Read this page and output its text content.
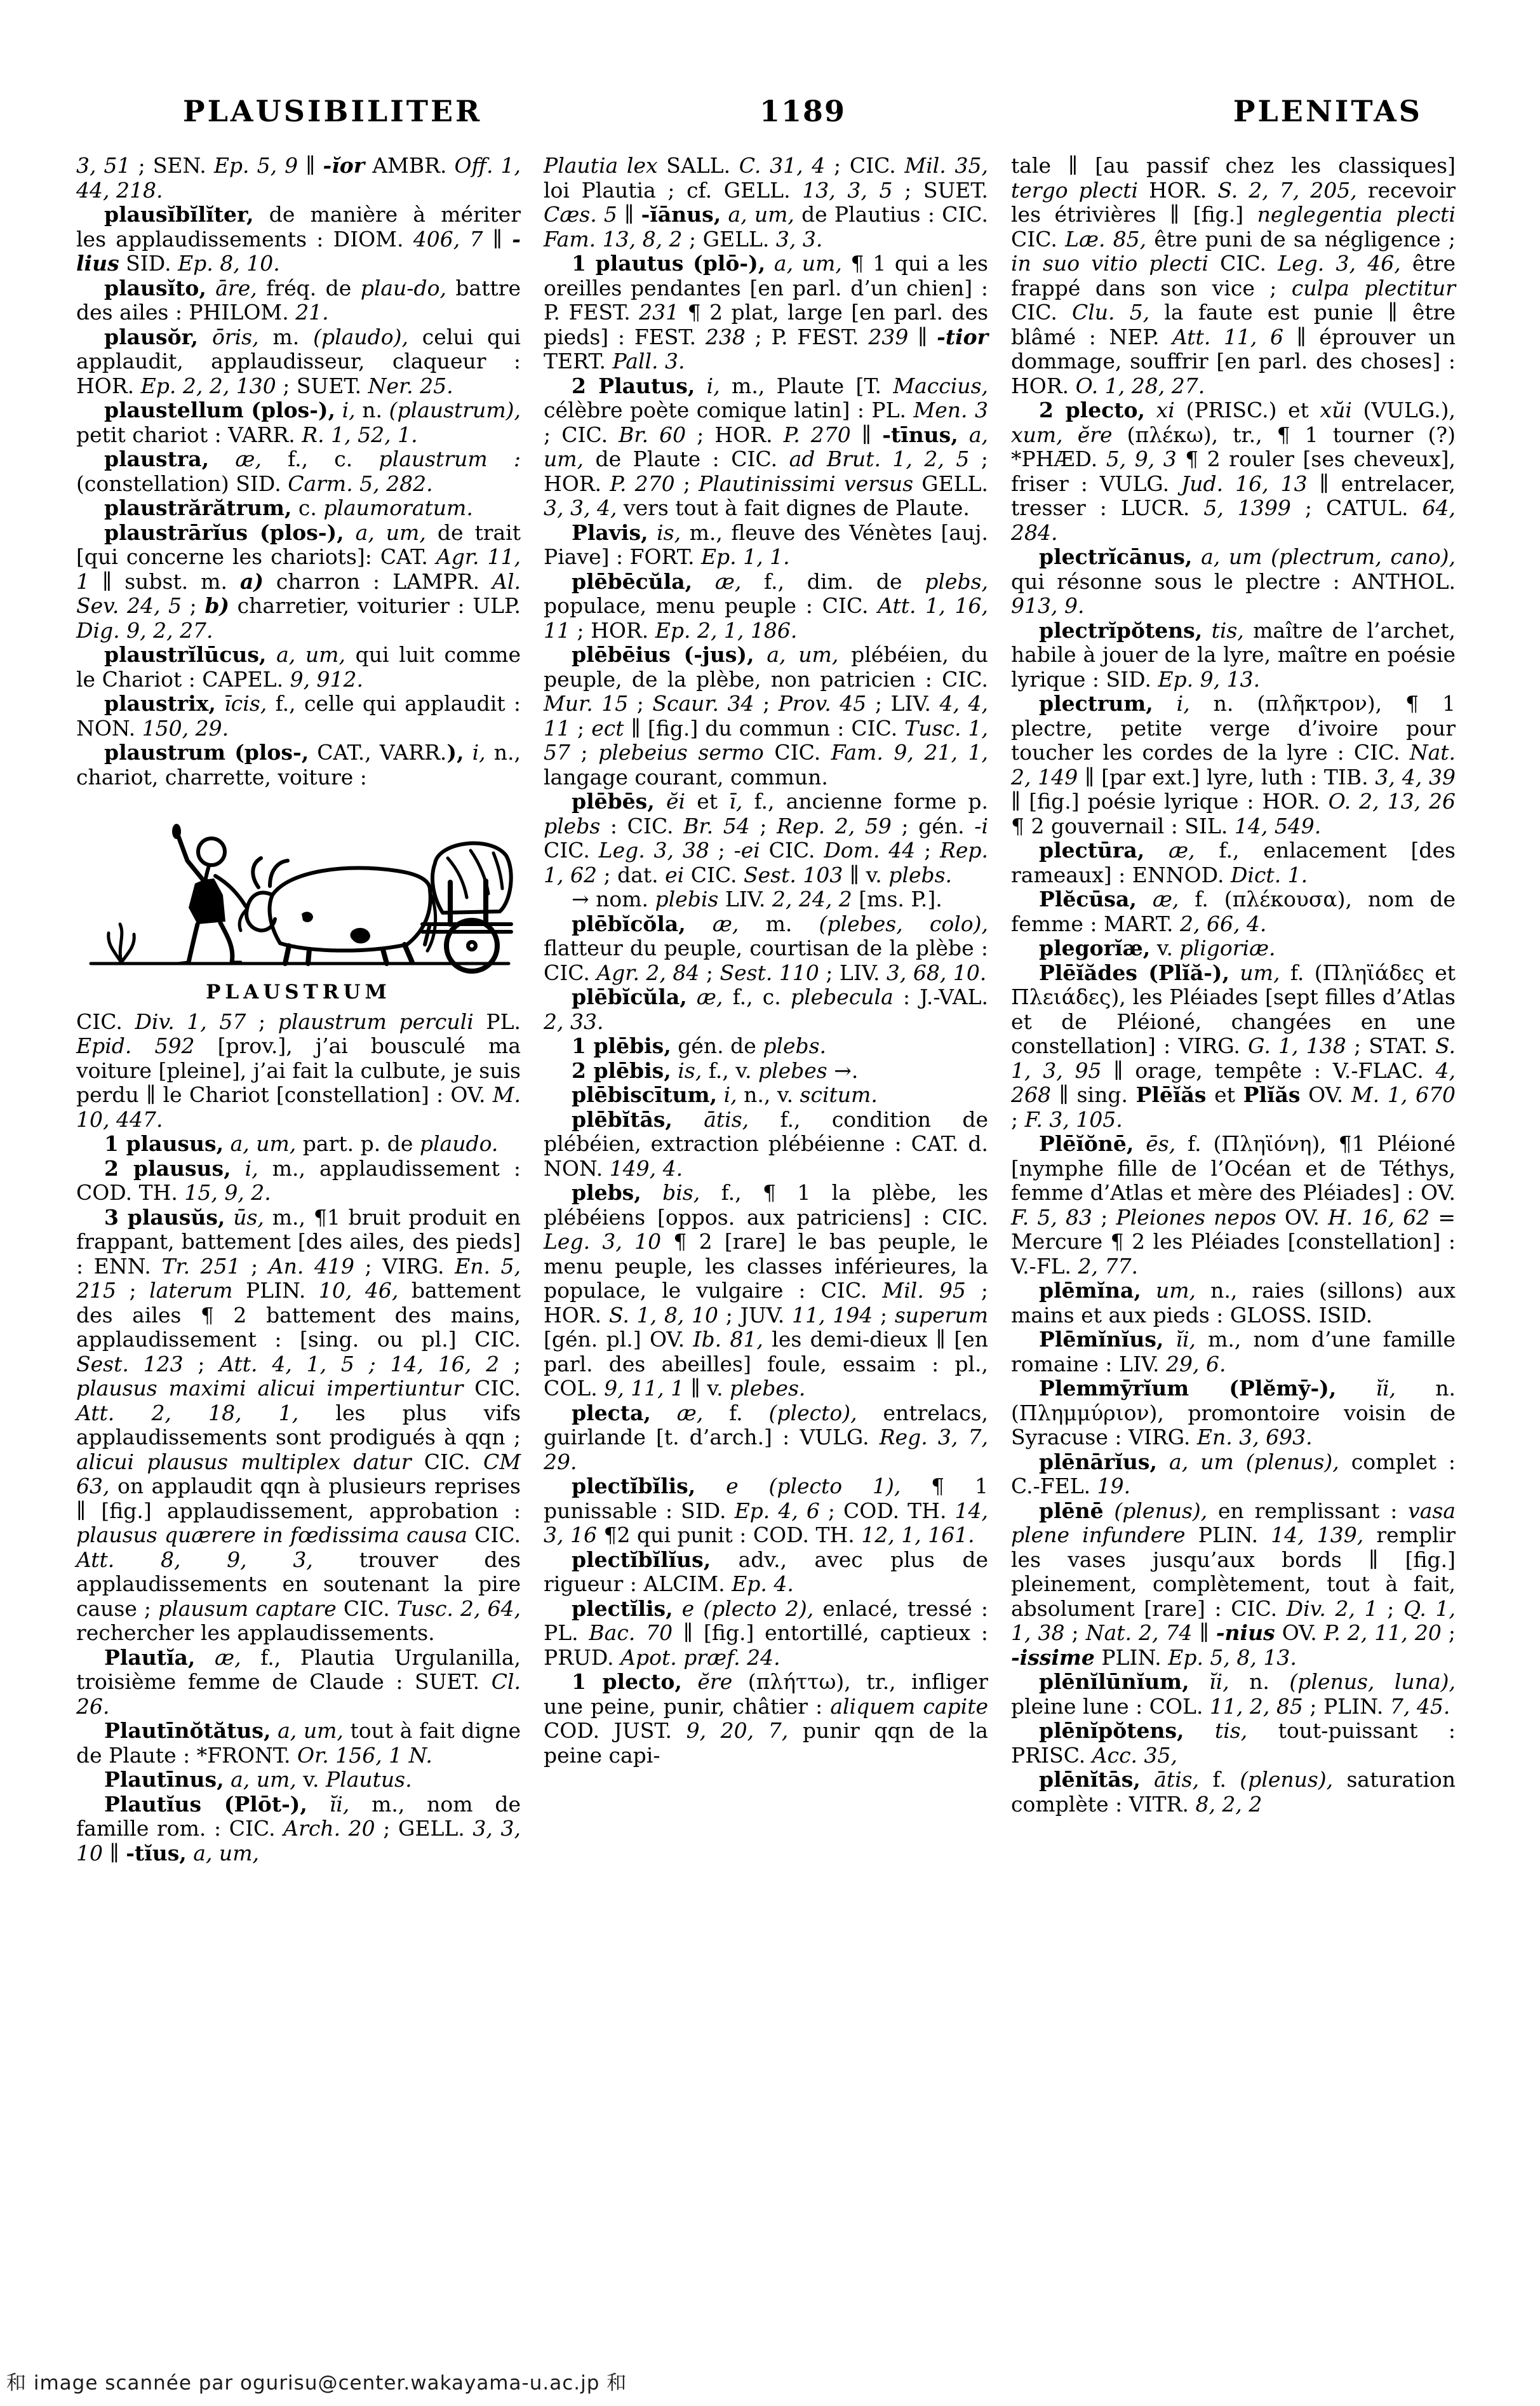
PLAUSIBILITER	1189	PLENITAS

3, 51 ; SEN. Ep. 5, 9 ∥ -ĭor AMBR. Off. 1, 44, 218.

plausĭbĭlĭter, de manière à mériter les applaudissements : DIOM. 406, 7 ∥ -lius SID. Ep. 8, 10.

plausĭto, āre, fréq. de plau-do, battre des ailes : PHILOM. 21.

plausŏr, ōris, m. (plaudo), celui qui applaudit, applaudisseur, claqueur : HOR. Ep. 2, 2, 130 ; SUET. Ner. 25.

plaustellum (plos-), i, n. (plaustrum), petit chariot : VARR. R. 1, 52, 1.

plaustra, æ, f., c. plaustrum : (constellation) SID. Carm. 5, 282.

plaustrărătrum, c. plaumoratum.

plaustrārĭus (plos-), a, um, de trait [qui concerne les chariots]: CAT. Agr. 11, 1 ∥ subst. m. a) charron : LAMPR. Al. Sev. 24, 5 ; b) charretier, voiturier : ULP. Dig. 9, 2, 27.

plaustrĭlūcus, a, um, qui luit comme le Chariot : CAPEL. 9, 912.

plaustrix, īcis, f., celle qui applaudit : NON. 150, 29.

plaustrum (plos-, CAT., VARR.), i, n., chariot, charrette, voiture :

PLAUSTRUM

CIC. Div. 1, 57 ; plaustrum perculi PL. Epid. 592 [prov.], j’ai bousculé ma voiture [pleine], j’ai fait la culbute, je suis perdu ∥ le Chariot [constellation] : OV. M. 10, 447.

1 plausus, a, um, part. p. de plaudo.

2 plausus, i, m., applaudissement : COD. TH. 15, 9, 2.

3 plausŭs, ūs, m., ¶1 bruit produit en frappant, battement [des ailes, des pieds] : ENN. Tr. 251 ; An. 419 ; VIRG. En. 5, 215 ; laterum PLIN. 10, 46, battement des ailes ¶ 2 battement des mains, applaudissement : [sing. ou pl.] CIC. Sest. 123 ; Att. 4, 1, 5 ; 14, 16, 2 ; plausus maximi alicui impertiuntur CIC. Att. 2, 18, 1, les plus vifs applaudissements sont prodigués à qqn ; alicui plausus multiplex datur CIC. CM 63, on applaudit qqn à plusieurs reprises ∥ [fig.] applaudissement, approbation : plausus quærere in fœdissima causa CIC. Att. 8, 9, 3, trouver des applaudissements en soutenant la pire cause ; plausum captare CIC. Tusc. 2, 64, rechercher les applaudissements.

Plautĭa, æ, f., Plautia Urgulanilla, troisième femme de Claude : SUET. Cl. 26.

Plautīnŏtătus, a, um, tout à fait digne de Plaute : *FRONT. Or. 156, 1 N.

Plautīnus, a, um, v. Plautus.

Plautĭus (Plōt-), ĭi, m., nom de famille rom. : CIC. Arch. 20 ; GELL. 3, 3, 10 ∥ -tĭus, a, um,

Plautia lex SALL. C. 31, 4 ; CIC. Mil. 35, loi Plautia ; cf. GELL. 13, 3, 5 ; SUET. Cæs. 5 ∥ -ĭānus, a, um, de Plautius : CIC. Fam. 13, 8, 2 ; GELL. 3, 3.

1 plautus (plō-), a, um, ¶ 1 qui a les oreilles pendantes [en parl. d’un chien] : P. FEST. 231 ¶ 2 plat, large [en parl. des pieds] : FEST. 238 ; P. FEST. 239 ∥ -tior TERT. Pall. 3.

2 Plautus, i, m., Plaute [T. Maccius, célèbre poète comique latin] : PL. Men. 3 ; CIC. Br. 60 ; HOR. P. 270 ∥ -tīnus, a, um, de Plaute : CIC. ad Brut. 1, 2, 5 ; HOR. P. 270 ; Plautinissimi versus GELL. 3, 3, 4, vers tout à fait dignes de Plaute.

Plavis, is, m., fleuve des Vénètes [auj. Piave] : FORT. Ep. 1, 1.

plēbēcŭla, æ, f., dim. de plebs, populace, menu peuple : CIC. Att. 1, 16, 11 ; HOR. Ep. 2, 1, 186.

plēbēius (-jus), a, um, plébéien, du peuple, de la plèbe, non patricien : CIC. Mur. 15 ; Scaur. 34 ; Prov. 45 ; LIV. 4, 4, 11 ; ect ∥ [fig.] du commun : CIC. Tusc. 1, 57 ; plebeius sermo CIC. Fam. 9, 21, 1, langage courant, commun.

plēbēs, ĕi et ī, f., ancienne forme p. plebs : CIC. Br. 54 ; Rep. 2, 59 ; gén. -i CIC. Leg. 3, 38 ; -ei CIC. Dom. 44 ; Rep. 1, 62 ; dat. ei CIC. Sest. 103 ∥ v. plebs.

→ nom. plebis LIV. 2, 24, 2 [ms. P.].

plēbĭcŏla, æ, m. (plebes, colo), flatteur du peuple, courtisan de la plèbe : CIC. Agr. 2, 84 ; Sest. 110 ; LIV. 3, 68, 10.

plēbĭcŭla, æ, f., c. plebecula : J.-VAL. 2, 33.

1 plēbis, gén. de plebs.

2 plēbis, is, f., v. plebes →.

plēbiscītum, i, n., v. scitum.

plēbĭtās, ātis, f., condition de plébéien, extraction plébéienne : CAT. d. NON. 149, 4.

plebs, bis, f., ¶ 1 la plèbe, les plébéiens [oppos. aux patriciens] : CIC. Leg. 3, 10 ¶ 2 [rare] le bas peuple, le menu peuple, les classes inférieures, la populace, le vulgaire : CIC. Mil. 95 ; HOR. S. 1, 8, 10 ; JUV. 11, 194 ; superum [gén. pl.] OV. Ib. 81, les demi-dieux ∥ [en parl. des abeilles] foule, essaim : pl., COL. 9, 11, 1 ∥ v. plebes.

plecta, æ, f. (plecto), entrelacs, guirlande [t. d’arch.] : VULG. Reg. 3, 7, 29.

plectĭbĭlis, e (plecto 1), ¶ 1 punissable : SID. Ep. 4, 6 ; COD. TH. 14, 3, 16 ¶2 qui punit : COD. TH. 12, 1, 161.

plectĭbĭlĭus, adv., avec plus de rigueur : ALCIM. Ep. 4.

plectĭlis, e (plecto 2), enlacé, tressé : PL. Bac. 70 ∥ [fig.] entortillé, captieux : PRUD. Apot. præf. 24.

1 plecto, ĕre (πλήττω), tr., infliger une peine, punir, châtier : aliquem capite COD. JUST. 9, 20, 7, punir qqn de la peine capi-

tale ∥ [au passif chez les classiques] tergo plecti HOR. S. 2, 7, 205, recevoir les étrivières ∥ [fig.] neglegentia plecti CIC. Læ. 85, être puni de sa négligence ; in suo vitio plecti CIC. Leg. 3, 46, être frappé dans son vice ; culpa plectitur CIC. Clu. 5, la faute est punie ∥ être blâmé : NEP. Att. 11, 6 ∥ éprouver un dommage, souffrir [en parl. des choses] : HOR. O. 1, 28, 27.

2 plecto, xi (PRISC.) et xŭi (VULG.), xum, ĕre (πλέκω), tr., ¶ 1 tourner (?) *PHÆD. 5, 9, 3 ¶ 2 rouler [ses cheveux], friser : VULG. Jud. 16, 13 ∥ entrelacer, tresser : LUCR. 5, 1399 ; CATUL. 64, 284.

plectrĭcānus, a, um (plectrum, cano), qui résonne sous le plectre : ANTHOL. 913, 9.

plectrĭpŏtens, tis, maître de l’archet, habile à jouer de la lyre, maître en poésie lyrique : SID. Ep. 9, 13.

plectrum, i, n. (πλῆκτρον), ¶ 1 plectre, petite verge d’ivoire pour toucher les cordes de la lyre : CIC. Nat. 2, 149 ∥ [par ext.] lyre, luth : TIB. 3, 4, 39 ∥ [fig.] poésie lyrique : HOR. O. 2, 13, 26 ¶ 2 gouvernail : SIL. 14, 549.

plectūra, æ, f., enlacement [des rameaux] : ENNOD. Dict. 1.

Plĕcūsa, æ, f. (πλέκουσα), nom de femme : MART. 2, 66, 4.

plegorĭæ, v. pligoriæ.

Plēĭădes (Plĭă-), um, f. (Πληϊάδες et Πλειάδες), les Pléiades [sept filles d’Atlas et de Pléioné, changées en une constellation] : VIRG. G. 1, 138 ; STAT. S. 1, 3, 95 ∥ orage, tempête : V.-FLAC. 4, 268 ∥ sing. Plēĭăs et Plĭăs OV. M. 1, 670 ; F. 3, 105.

Plēĭŏnē, ēs, f. (Πληϊόνη), ¶1 Pléioné [nymphe fille de l’Océan et de Téthys, femme d’Atlas et mère des Pléiades] : OV. F. 5, 83 ; Pleiones nepos OV. H. 16, 62 = Mercure ¶ 2 les Pléiades [constellation] : V.-FL. 2, 77.

plēmĭna, um, n., raies (sillons) aux mains et aux pieds : GLOSS. ISID.

Plēmĭnĭus, ĭi, m., nom d’une famille romaine : LIV. 29, 6.

Plemmȳrĭum (Plĕmȳ-), ĭi, n. (Πλημμύριον), promontoire voisin de Syracuse : VIRG. En. 3, 693.

plēnārĭus, a, um (plenus), complet : C.-FEL. 19.

plēnē (plenus), en remplissant : vasa plene infundere PLIN. 14, 139, remplir les vases jusqu’aux bords ∥ [fig.] pleinement, complètement, tout à fait, absolument [rare] : CIC. Div. 2, 1 ; Q. 1, 1, 38 ; Nat. 2, 74 ∥ -nius OV. P. 2, 11, 20 ; -issime PLIN. Ep. 5, 8, 13.

plēnĭlūnĭum, ĭi, n. (plenus, luna), pleine lune : COL. 11, 2, 85 ; PLIN. 7, 45.

plēnĭpŏtens, tis, tout-puissant : PRISC. Acc. 35,

plēnĭtās, ātis, f. (plenus), saturation complète : VITR. 8, 2, 2

和 image scannée par ogurisu@center.wakayama-u.ac.jp 和
